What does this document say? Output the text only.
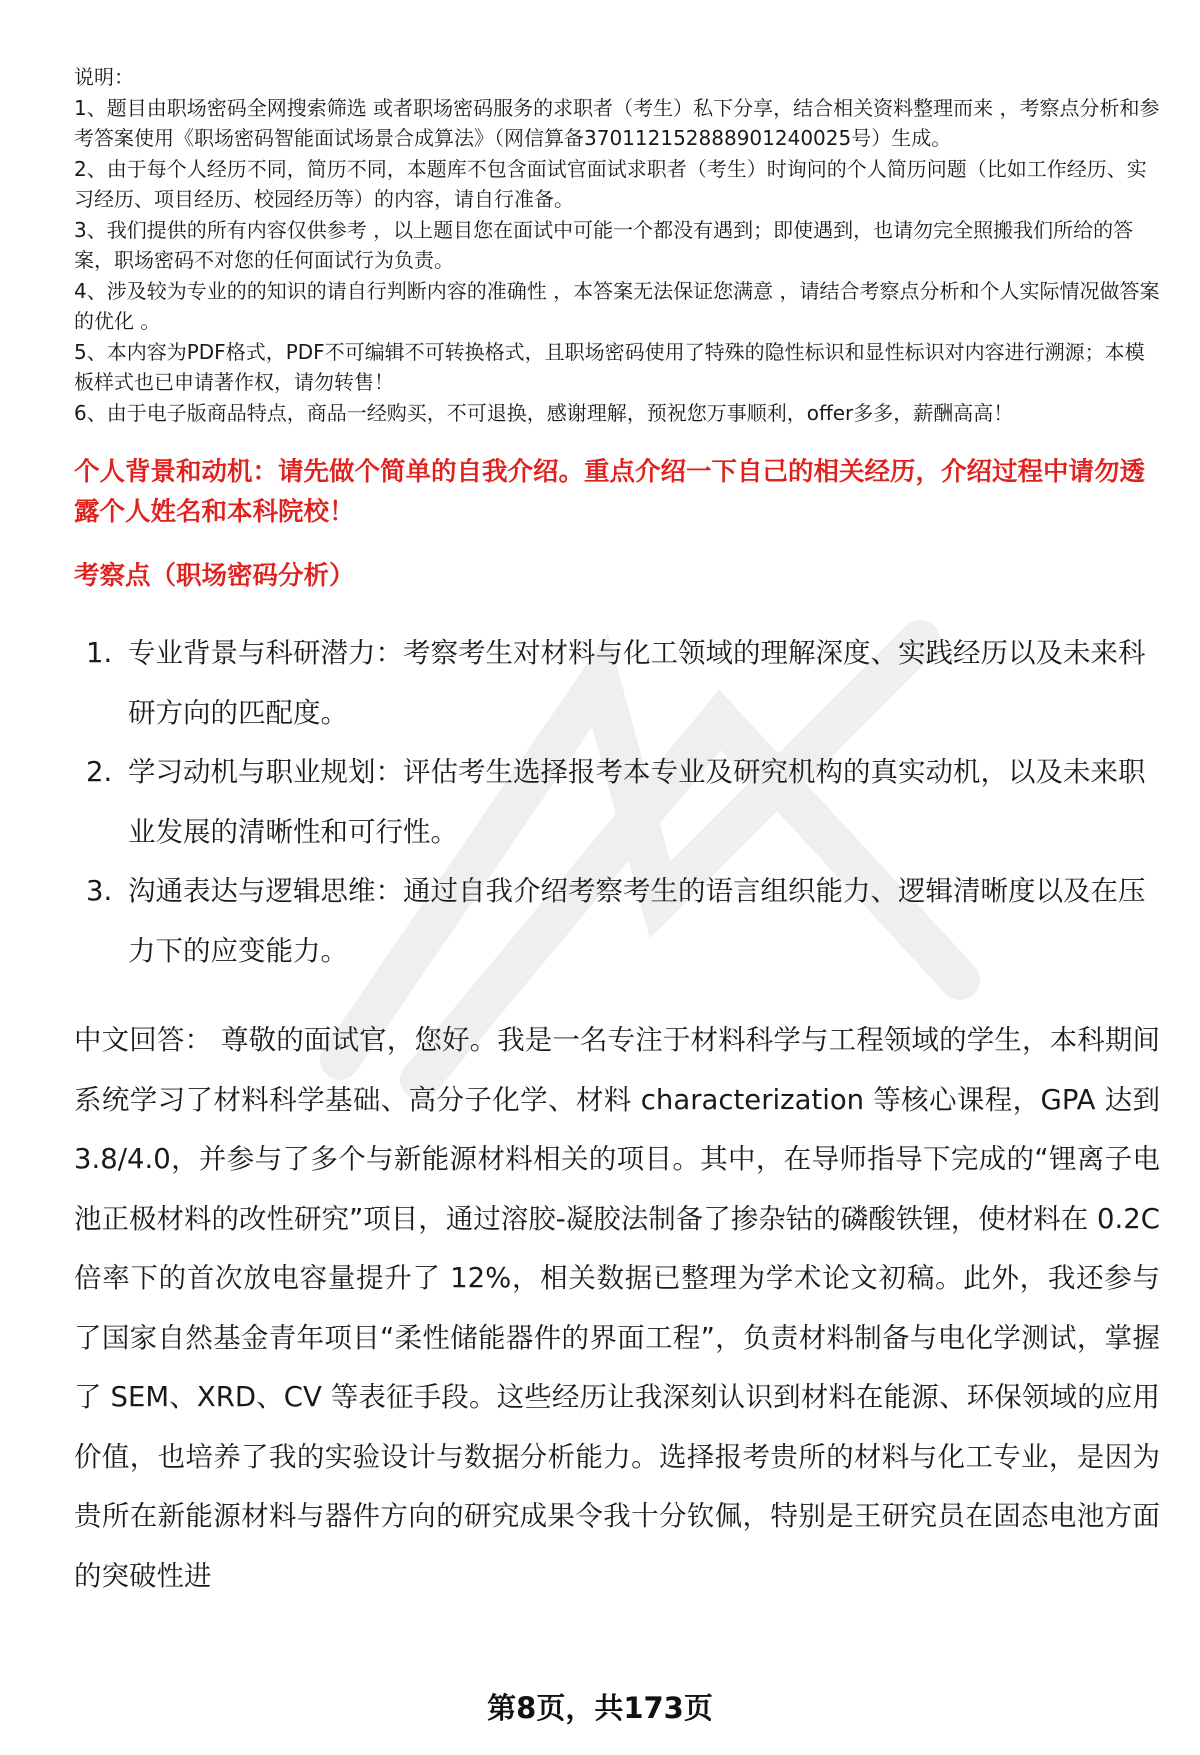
说明：

1、题目由职场密码全网搜索筛选 或者职场密码服务的求职者（考生）私下分享，结合相关资料整理而来 ，考察点分析和参考答案使用《职场密码智能面试场景合成算法》（网信算备370112152888901240025号）生成。

2、由于每个人经历不同，简历不同，本题库不包含面试官面试求职者（考生）时询问的个人简历问题（比如工作经历、实习经历、项目经历、校园经历等）的内容，请自行准备。

3、我们提供的所有内容仅供参考 ，以上题目您在面试中可能一个都没有遇到；即使遇到，也请勿完全照搬我们所给的答案，职场密码不对您的任何面试行为负责。

4、涉及较为专业的的知识的请自行判断内容的准确性 ，本答案无法保证您满意 ，请结合考察点分析和个人实际情况做答案的优化 。

5、本内容为PDF格式，PDF不可编辑不可转换格式，且职场密码使用了特殊的隐性标识和显性标识对内容进行溯源；本模板样式也已申请著作权，请勿转售！

6、由于电子版商品特点，商品一经购买，不可退换，感谢理解，预祝您万事顺利，offer多多，薪酬高高！

个人背景和动机：请先做个简单的自我介绍。重点介绍一下自己的相关经历，介绍过程中请勿透露个人姓名和本科院校！
考察点（职场密码分析）
1. 专业背景与科研潜力：考察考生对材料与化工领域的理解深度、实践经历以及未来科研方向的匹配度。
2. 学习动机与职业规划：评估考生选择报考本专业及研究机构的真实动机，以及未来职业发展的清晰性和可行性。
3. 沟通表达与逻辑思维：通过自我介绍考察考生的语言组织能力、逻辑清晰度以及在压力下的应变能力。
中文回答： 尊敬的面试官，您好。我是一名专注于材料科学与工程领域的学生，本科期间系统学习了材料科学基础、高分子化学、材料 characterization 等核心课程，GPA 达到 3.8/4.0，并参与了多个与新能源材料相关的项目。其中，在导师指导下完成的“锂离子电池正极材料的改性研究”项目，通过溶胶-凝胶法制备了掺杂钴的磷酸铁锂，使材料在 0.2C 倍率下的首次放电容量提升了 12%，相关数据已整理为学术论文初稿。此外，我还参与了国家自然基金青年项目“柔性储能器件的界面工程”，负责材料制备与电化学测试，掌握了 SEM、XRD、CV 等表征手段。这些经历让我深刻认识到材料在能源、环保领域的应用价值，也培养了我的实验设计与数据分析能力。选择报考贵所的材料与化工专业，是因为贵所在新能源材料与器件方向的研究成果令我十分钦佩，特别是王研究员在固态电池方面的突破性进
第8页，共173页
